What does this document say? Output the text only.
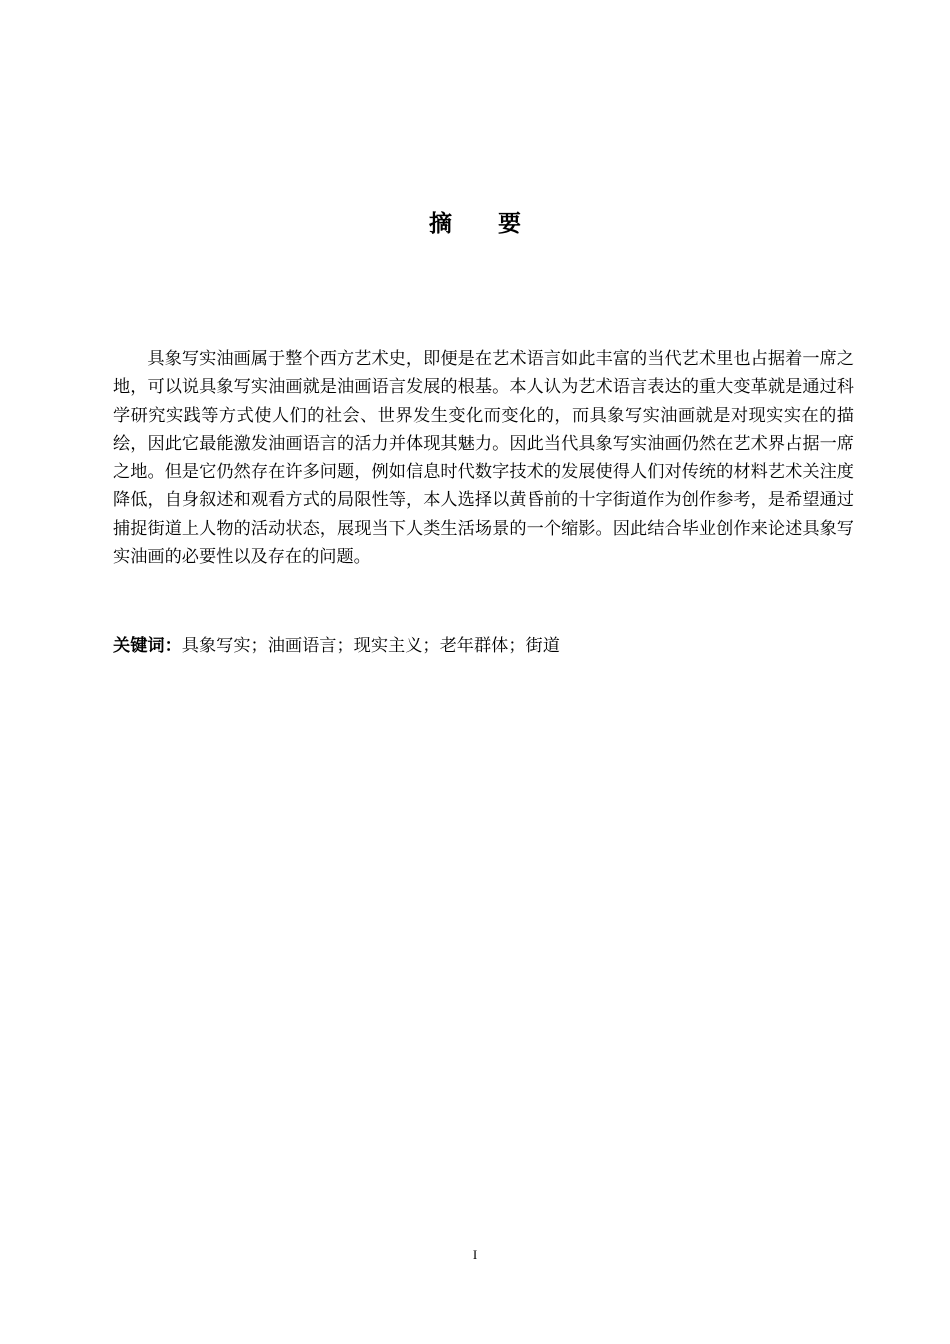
摘 要

具象写实油画属于整个西方艺术史，即便是在艺术语言如此丰富的当代艺术里也占据着一席之地，可以说具象写实油画就是油画语言发展的根基。本人认为艺术语言表达的重大变革就是通过科学研究实践等方式使人们的社会、世界发生变化而变化的，而具象写实油画就是对现实实在的描绘，因此它最能激发油画语言的活力并体现其魅力。因此当代具象写实油画仍然在艺术界占据一席之地。但是它仍然存在许多问题，例如信息时代数字技术的发展使得人们对传统的材料艺术关注度降低，自身叙述和观看方式的局限性等，本人选择以黄昏前的十字街道作为创作参考，是希望通过捕捉街道上人物的活动状态，展现当下人类生活场景的一个缩影。因此结合毕业创作来论述具象写实油画的必要性以及存在的问题。

关键词：具象写实；油画语言；现实主义；老年群体；街道

I
